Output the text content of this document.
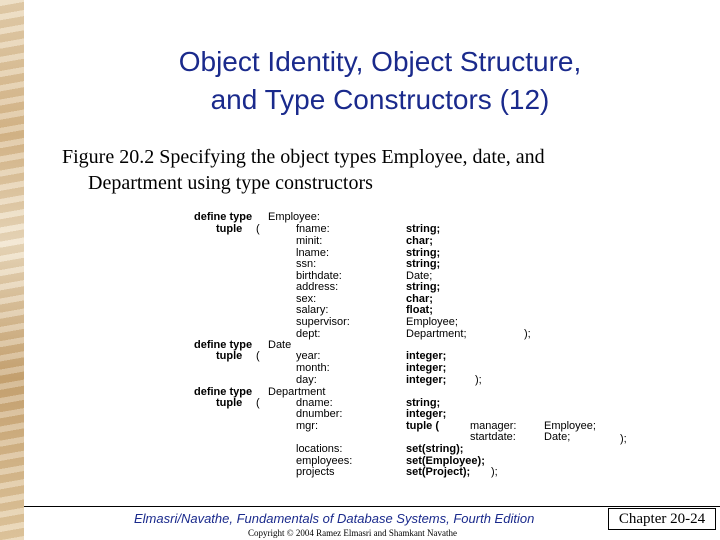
Object Identity, Object Structure,
and Type Constructors (12)
Figure 20.2 Specifying the object types Employee, date, and
Department using type constructors
define type Employee:
tuple (	fname:	string;
minit:	char;
lname:	string;
ssn:	string;
birthdate:	Date;
address:	string;
sex:	char;
salary:	float;
supervisor:	Employee;
dept:	Department;	);
define type Date
tuple (	year:	integer;
month:	integer;
day:	integer;	);
define type Department
tuple (	dname:	string;
dnumber:	integer;
mgr:	tuple (	manager:	Employee;
startdate:	Date;	);
locations:	set(string);
employees:	set(Employee);
projects	set(Project); );
Elmasri/Navathe, Fundamentals of Database Systems, Fourth Edition
Copyright © 2004 Ramez Elmasri and Shamkant Navathe
Chapter 20-24
